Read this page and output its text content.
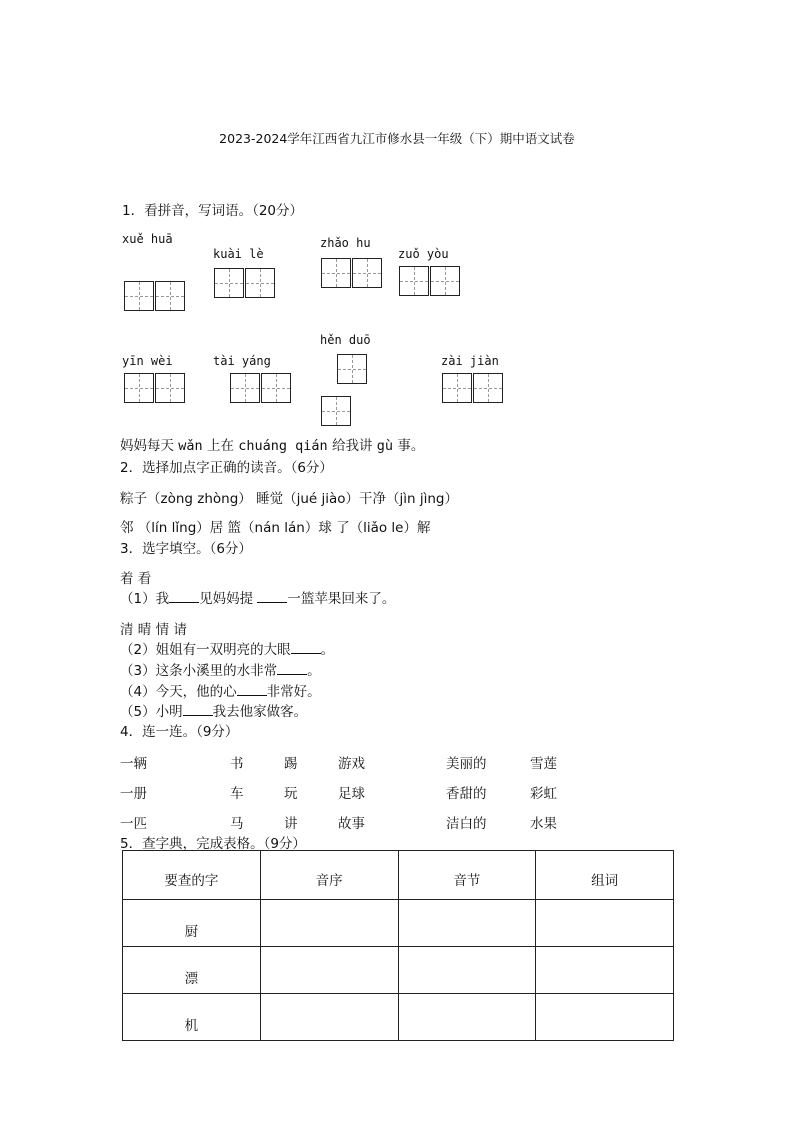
2023-2024学年江西省九江市修水县一年级（下）期中语文试卷
1．看拼音，写词语。（20分）
xuě huā
kuài lè
zhǎo hu
zuǒ yòu
hěn duō
yīn wèi	tài yáng	zài jiàn
妈妈每天 wǎn 上在 chuáng qián 给我讲 gù 事。
2．选择加点字正确的读音。（6分）
粽子（zòng zhòng） 睡觉（jué jiào）干净（jìn jìng）
邻 （lín lǐng）居 篮（nán lán）球 了（liǎo le）解
3．选字填空。（6分）
着 看
（1）我 见妈妈提 一篮苹果回来了。
清 晴 情 请
（2）姐姐有一双明亮的大眼 。
（3）这条小溪里的水非常 。
（4）今天，他的心 非常好。
（5）小明 我去他家做客。
4．连一连。（9分）
一辆	书	踢	游戏	美丽的	雪莲
一册	车	玩	足球	香甜的	彩虹
一匹	马	讲	故事	洁白的	水果
5．查字典，完成表格。（9分）
要查的字	音序	音节	组词
厨			
漂			
机			
